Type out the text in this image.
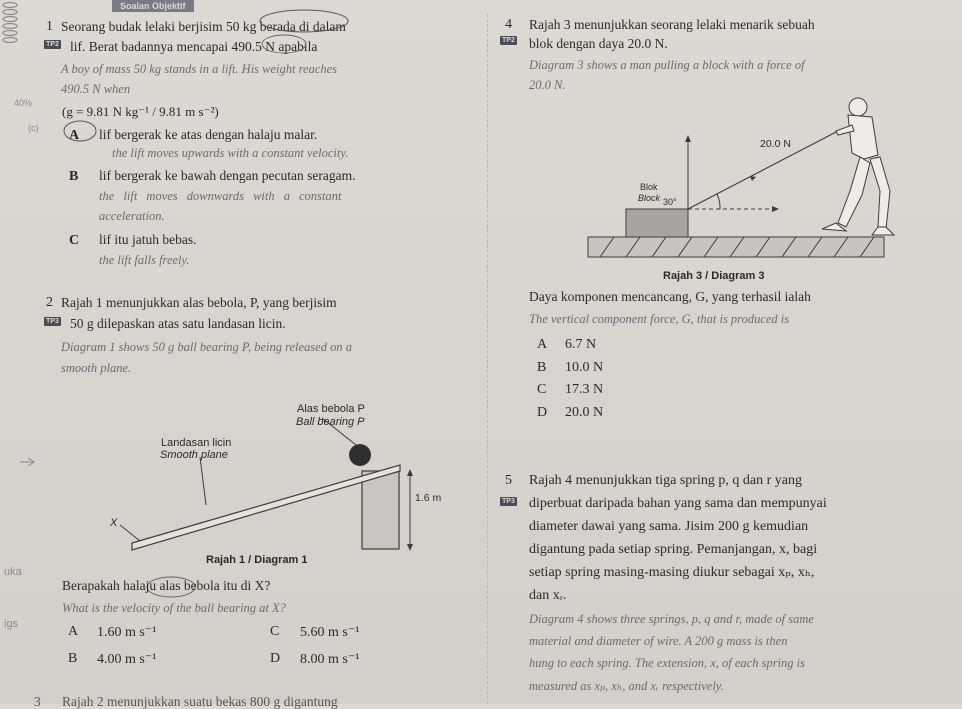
Soalan Objektif
40%
(c)
uka
igs
1 Seorang budak lelaki berjisim 50 kg berada di dalam
TP2 lif. Berat badannya mencapai 490.5 N apabila
A boy of mass 50 kg stands in a lift. His weight reaches
490.5 N when
(g = 9.81 N kg⁻¹ / 9.81 m s⁻²)
A lif bergerak ke atas dengan halaju malar.
the lift moves upwards with a constant velocity.
B lif bergerak ke bawah dengan pecutan seragam.
the lift moves downwards with a constant
acceleration.
C lif itu jatuh bebas.
the lift falls freely.
2 Rajah 1 menunjukkan alas bebola, P, yang berjisim
TP3 50 g dilepaskan atas satu landasan licin.
Diagram 1 shows 50 g ball bearing P, being released on a
smooth plane.
Alas bebola P
Ball bearing P
Landasan licin
Smooth plane
1.6 m
X
Rajah 1 / Diagram 1
Berapakah halaju alas bebola itu di X?
What is the velocity of the ball bearing at X?
A 1.60 m s⁻¹	C 5.60 m s⁻¹
B 4.00 m s⁻¹	D 8.00 m s⁻¹
3 Rajah 2 menunjukkan suatu bekas 800 g digantung
4 Rajah 3 menunjukkan seorang lelaki menarik sebuah
TP2 blok dengan daya 20.0 N.
Diagram 3 shows a man pulling a block with a force of
20.0 N.
20.0 N
30°
Blok
Block
Rajah 3 / Diagram 3
Daya komponen mencancang, G, yang terhasil ialah
The vertical component force, G, that is produced is
A 6.7 N
B 10.0 N
C 17.3 N
D 20.0 N
5 Rajah 4 menunjukkan tiga spring p, q dan r yang
TP3 diperbuat daripada bahan yang sama dan mempunyai
diameter dawai yang sama. Jisim 200 g kemudian
digantung pada setiap spring. Pemanjangan, x, bagi
setiap spring masing-masing diukur sebagai xₚ, xₕ,
dan xᵣ.
Diagram 4 shows three springs, p, q and r, made of same
material and diameter of wire. A 200 g mass is then
hung to each spring. The extension, x, of each spring is
measured as xₚ, xₕ, and xᵣ respectively.
